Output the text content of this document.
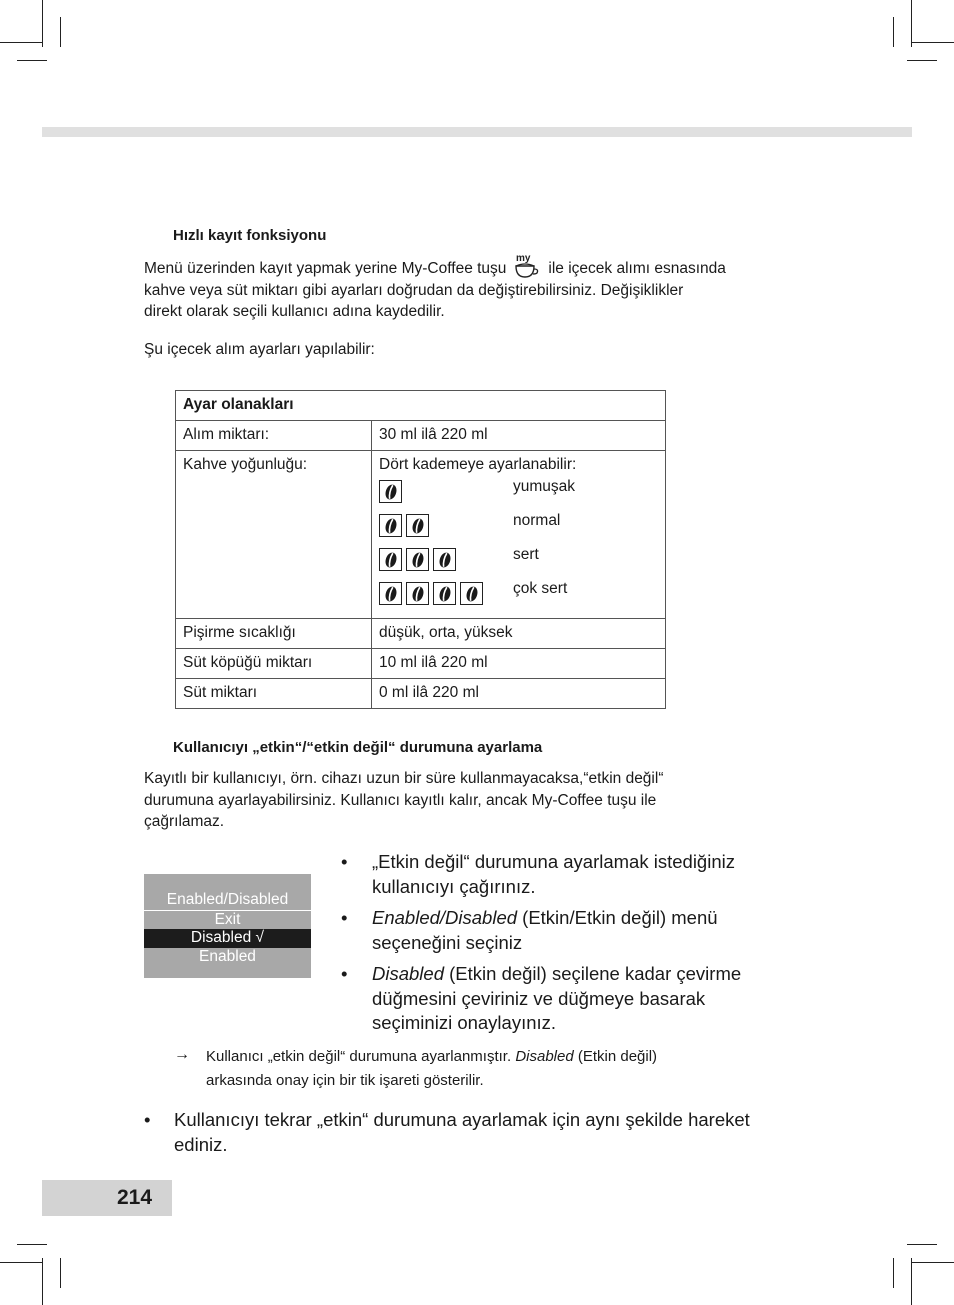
Hızlı kayıt fonksiyonu
Menü üzerinden kayıt yapmak yerine My-Coffee tuşu
my
ile içecek alımı esnasında
kahve veya süt miktarı gibi ayarları doğrudan da değiştirebilirsiniz. Değişiklikler
direkt olarak seçili kullanıcı adına kaydedilir.
Şu içecek alım ayarları yapılabilir:
Ayar olanakları	
Alım miktarı:	30 ml ilâ 220 ml
Kahve yoğunluğu:	Dört kademeye ayarlanabilir:
yumuşak
normal
sert
çok sert

Pişirme sıcaklığı	düşük, orta, yüksek
Süt köpüğü miktarı	10 ml ilâ 220 ml
Süt miktarı	0 ml ilâ 220 ml
Kullanıcıyı „etkin“/“etkin değil“ durumuna ayarlama
Kayıtlı bir kullanıcıyı, örn. cihazı uzun bir süre kullanmayacaksa,“etkin değil“
durumuna ayarlayabilirsiniz. Kullanıcı kayıtlı kalır, ancak My-Coffee tuşu ile
çağrılamaz.
Enabled/Disabled
Exit
Disabled √
Enabled
• „Etkin değil“ durumuna ayarlamak istediğiniz
kullanıcıyı çağırınız.
• Enabled/Disabled (Etkin/Etkin değil) menü
seçeneğini seçiniz
• Disabled (Etkin değil) seçilene kadar çevirme
düğmesini çeviriniz ve düğmeye basarak
seçiminizi onaylayınız.
→ Kullanıcı „etkin değil“ durumuna ayarlanmıştır. Disabled (Etkin değil)
arkasında onay için bir tik işareti gösterilir.
• Kullanıcıyı tekrar „etkin“ durumuna ayarlamak için aynı şekilde hareket
ediniz.
214
